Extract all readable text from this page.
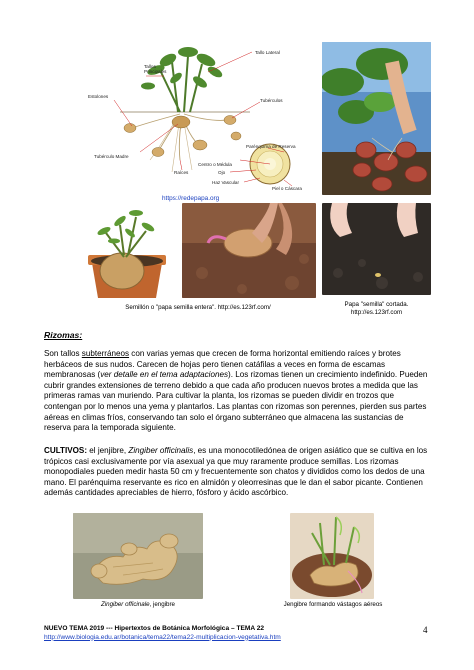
Tallo Lateral
Tallos
Principales
Estolones
Tubérculos
Tubérculo Madre
Raíces
Centro o Médula
Ojo
Haz Vascular
Parénquima de Reserva
Piel o Cáscara
https://redepapa.org
Semillón o "papa semilla entera". http://es.123rf.com/	Papa "semilla" cortada.
http://es.123rf.com
Rizomas:
Son tallos subterráneos con varias yemas que crecen de forma horizontal emitiendo raíces y brotes herbáceos de sus nudos. Carecen de hojas pero tienen catáfilas a veces en forma de escamas membranosas (ver detalle en el tema adaptaciones). Los rizomas tienen un crecimiento indefinido. Pueden cubrir grandes extensiones de terreno debido a que cada año producen nuevos brotes a medida que las primeras ramas van muriendo. Para cultivar la planta, los rizomas se pueden dividir en trozos que contengan por lo menos una yema y plantarlos. Las plantas con rizomas son perennes, pierden sus partes aéreas en climas fríos, conservando tan solo el órgano subterráneo que almacena las sustancias de reserva para la temporada siguiente.
CULTIVOS: el jenjibre, Zingiber officinalis, es una monocotiledónea de origen asiático que se cultiva en los trópicos casi exclusivamente por vía asexual ya que muy raramente produce semillas. Los rizomas monopodiales pueden medir hasta 50 cm y frecuentemente son chatos y divididos como los dedos de una mano. El parénquima reservante es rico en almidón y oleorresinas que le dan el sabor picante. Contienen además cantidades apreciables de hierro, fósforo y ácido ascórbico.
Zingiber officinale, jengibre	Jengibre formando vástagos aéreos
NUEVO TEMA 2019 --- Hipertextos de Botánica Morfológica – TEMA 22
http://www.biologia.edu.ar/botanica/tema22/tema22-multiplicacion-vegetativa.htm
4
